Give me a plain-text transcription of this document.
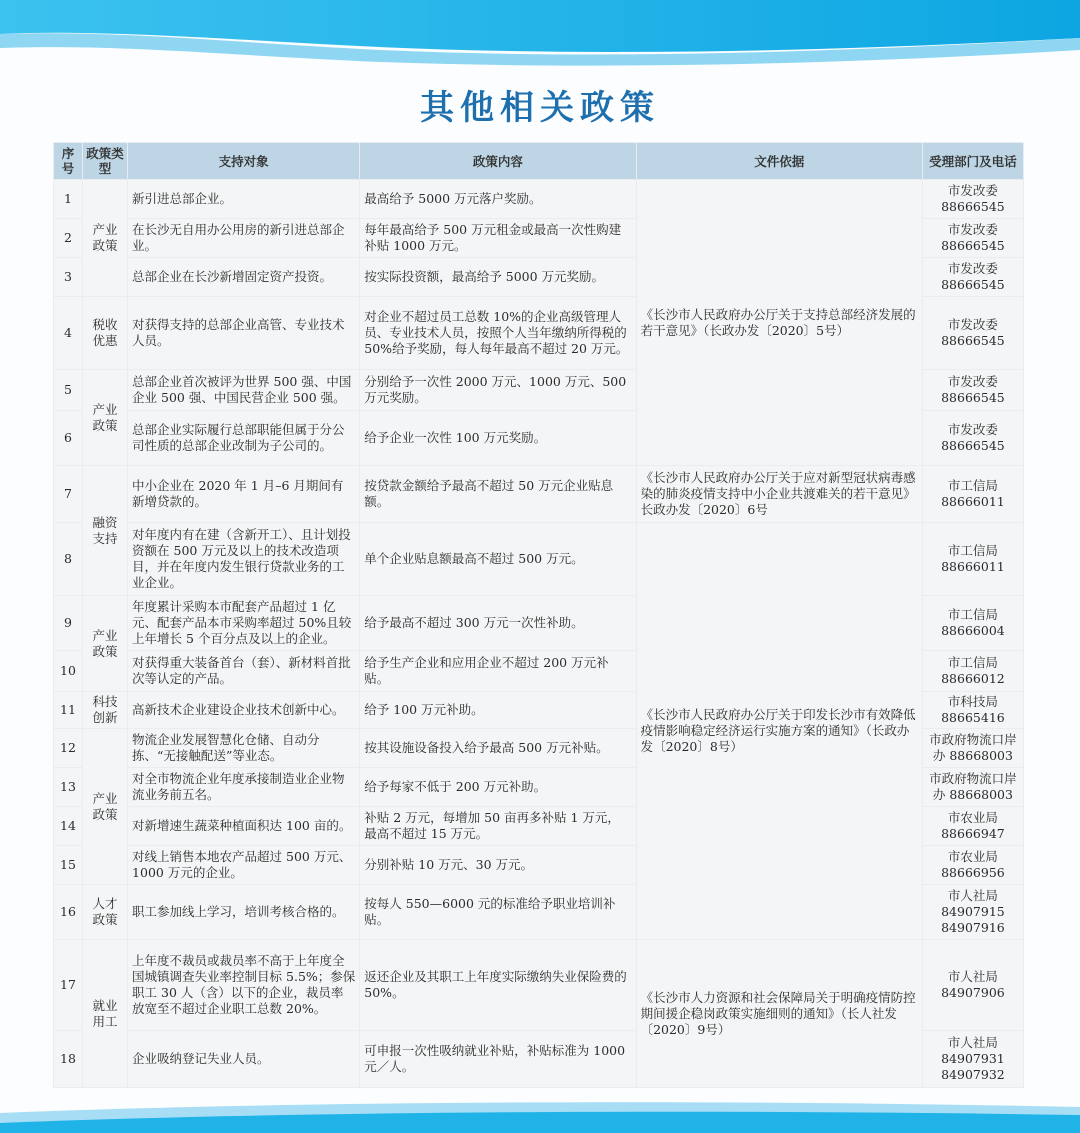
其他相关政策
序号	政策类型	支持对象	政策内容	文件依据	受理部门及电话
1	产业政策	新引进总部企业。	最高给予 5000 万元落户奖励。	《长沙市人民政府办公厅关于支持总部经济发展的若干意见》（长政办发〔2020〕5号）	市发改委 88666545
2		在长沙无自用办公用房的新引进总部企业。	每年最高给予 500 万元租金或最高一次性购建补贴 1000 万元。		市发改委 88666545
3		总部企业在长沙新增固定资产投资。	按实际投资额，最高给予 5000 万元奖励。		市发改委 88666545
4	税收优惠	对获得支持的总部企业高管、专业技术人员。	对企业不超过员工总数 10%的企业高级管理人员、专业技术人员，按照个人当年缴纳所得税的 50%给予奖励，每人每年最高不超过 20 万元。		市发改委 88666545
5	产业政策	总部企业首次被评为世界 500 强、中国企业 500 强、中国民营企业 500 强。	分别给予一次性 2000 万元、1000 万元、500 万元奖励。		市发改委 88666545
6		总部企业实际履行总部职能但属于分公司性质的总部企业改制为子公司的。	给予企业一次性 100 万元奖励。		市发改委 88666545
7	融资支持	中小企业在 2020 年 1 月–6 月期间有新增贷款的。	按贷款金额给予最高不超过 50 万元企业贴息额。	《长沙市人民政府办公厅关于应对新型冠状病毒感染的肺炎疫情支持中小企业共渡难关的若干意见》长政办发〔2020〕6号	市工信局 88666011
8		对年度内有在建（含新开工）、且计划投资额在 500 万元及以上的技术改造项目，并在年度内发生银行贷款业务的工业企业。	单个企业贴息额最高不超过 500 万元。	《长沙市人民政府办公厅关于印发长沙市有效降低疫情影响稳定经济运行实施方案的通知》（长政办发〔2020〕8号）	市工信局 88666011
9	产业政策	年度累计采购本市配套产品超过 1 亿元、配套产品本市采购率超过 50%且较上年增长 5 个百分点及以上的企业。	给予最高不超过 300 万元一次性补助。		市工信局 88666004
10		对获得重大装备首台（套）、新材料首批次等认定的产品。	给予生产企业和应用企业不超过 200 万元补贴。		市工信局 88666012
11	科技创新	高新技术企业建设企业技术创新中心。	给予 100 万元补助。		市科技局 88665416
12	产业政策	物流企业发展智慧化仓储、自动分拣、“无接触配送”等业态。	按其设施设备投入给予最高 500 万元补贴。		市政府物流口岸办 88668003
13		对全市物流企业年度承接制造业企业物流业务前五名。	给予每家不低于 200 万元补助。		市政府物流口岸办 88668003
14		对新增速生蔬菜种植面积达 100 亩的。	补贴 2 万元，每增加 50 亩再多补贴 1 万元，最高不超过 15 万元。		市农业局 88666947
15		对线上销售本地农产品超过 500 万元、1000 万元的企业。	分别补贴 10 万元、30 万元。		市农业局 88666956
16	人才政策	职工参加线上学习，培训考核合格的。	按每人 550—6000 元的标准给予职业培训补贴。		市人社局 84907915 84907916
17	就业用工	上年度不裁员或裁员率不高于上年度全国城镇调查失业率控制目标 5.5%；参保职工 30 人（含）以下的企业，裁员率放宽至不超过企业职工总数 20%。	返还企业及其职工上年度实际缴纳失业保险费的 50%。	《长沙市人力资源和社会保障局关于明确疫情防控期间援企稳岗政策实施细则的通知》（长人社发〔2020〕9号）	市人社局 84907906
18		企业吸纳登记失业人员。	可申报一次性吸纳就业补贴，补贴标准为 1000 元／人。		市人社局 84907931 84907932
